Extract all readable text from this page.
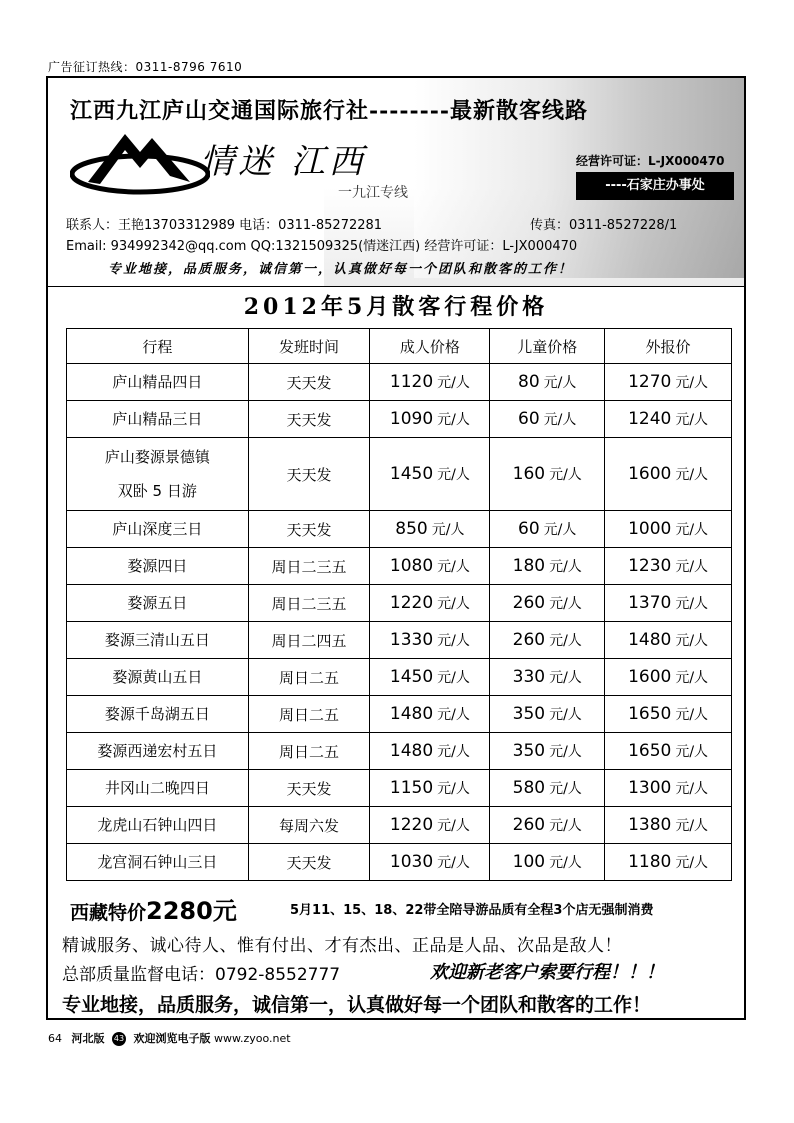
广告征订热线：0311-8796 7610
江西九江庐山交通国际旅行社--------最新散客线路
情迷 江西
一九江专线
经营许可证：L-JX000470
----石家庄办事处
联系人：王艳13703312989 电话：0311-85272281	传真：0311-8527228/1
Email: 934992342@qq.com QQ:1321509325(情迷江西) 经营许可证：L-JX000470
专业地接，品质服务，诚信第一，认真做好每一个团队和散客的工作！
2012年5月散客行程价格
行程	发班时间	成人价格	儿童价格	外报价

庐山精品四日	天天发	1120 元/人	80 元/人	1270 元/人

庐山精品三日	天天发	1090 元/人	60 元/人	1240 元/人

庐山婺源景德镇
双卧 5 日游	天天发	1450 元/人	160 元/人	1600 元/人

庐山深度三日	天天发	850 元/人	60 元/人	1000 元/人

婺源四日	周日二三五	1080 元/人	180 元/人	1230 元/人

婺源五日	周日二三五	1220 元/人	260 元/人	1370 元/人

婺源三清山五日	周日二四五	1330 元/人	260 元/人	1480 元/人

婺源黄山五日	周日二五	1450 元/人	330 元/人	1600 元/人

婺源千岛湖五日	周日二五	1480 元/人	350 元/人	1650 元/人

婺源西递宏村五日	周日二五	1480 元/人	350 元/人	1650 元/人

井冈山二晚四日	天天发	1150 元/人	580 元/人	1300 元/人

龙虎山石钟山四日	每周六发	1220 元/人	260 元/人	1380 元/人

龙宫洞石钟山三日	天天发	1030 元/人	100 元/人	1180 元/人
西藏特价2280元	5月11、15、18、22带全陪导游品质有全程3个店无强制消费
精诚服务、诚心待人、惟有付出、才有杰出、正品是人品、次品是敌人！
总部质量监督电话：0792-8552777	欢迎新老客户索要行程！！！
专业地接，品质服务，诚信第一，认真做好每一个团队和散客的工作！
64 河北版 43 欢迎浏览电子版 www.zyoo.net
